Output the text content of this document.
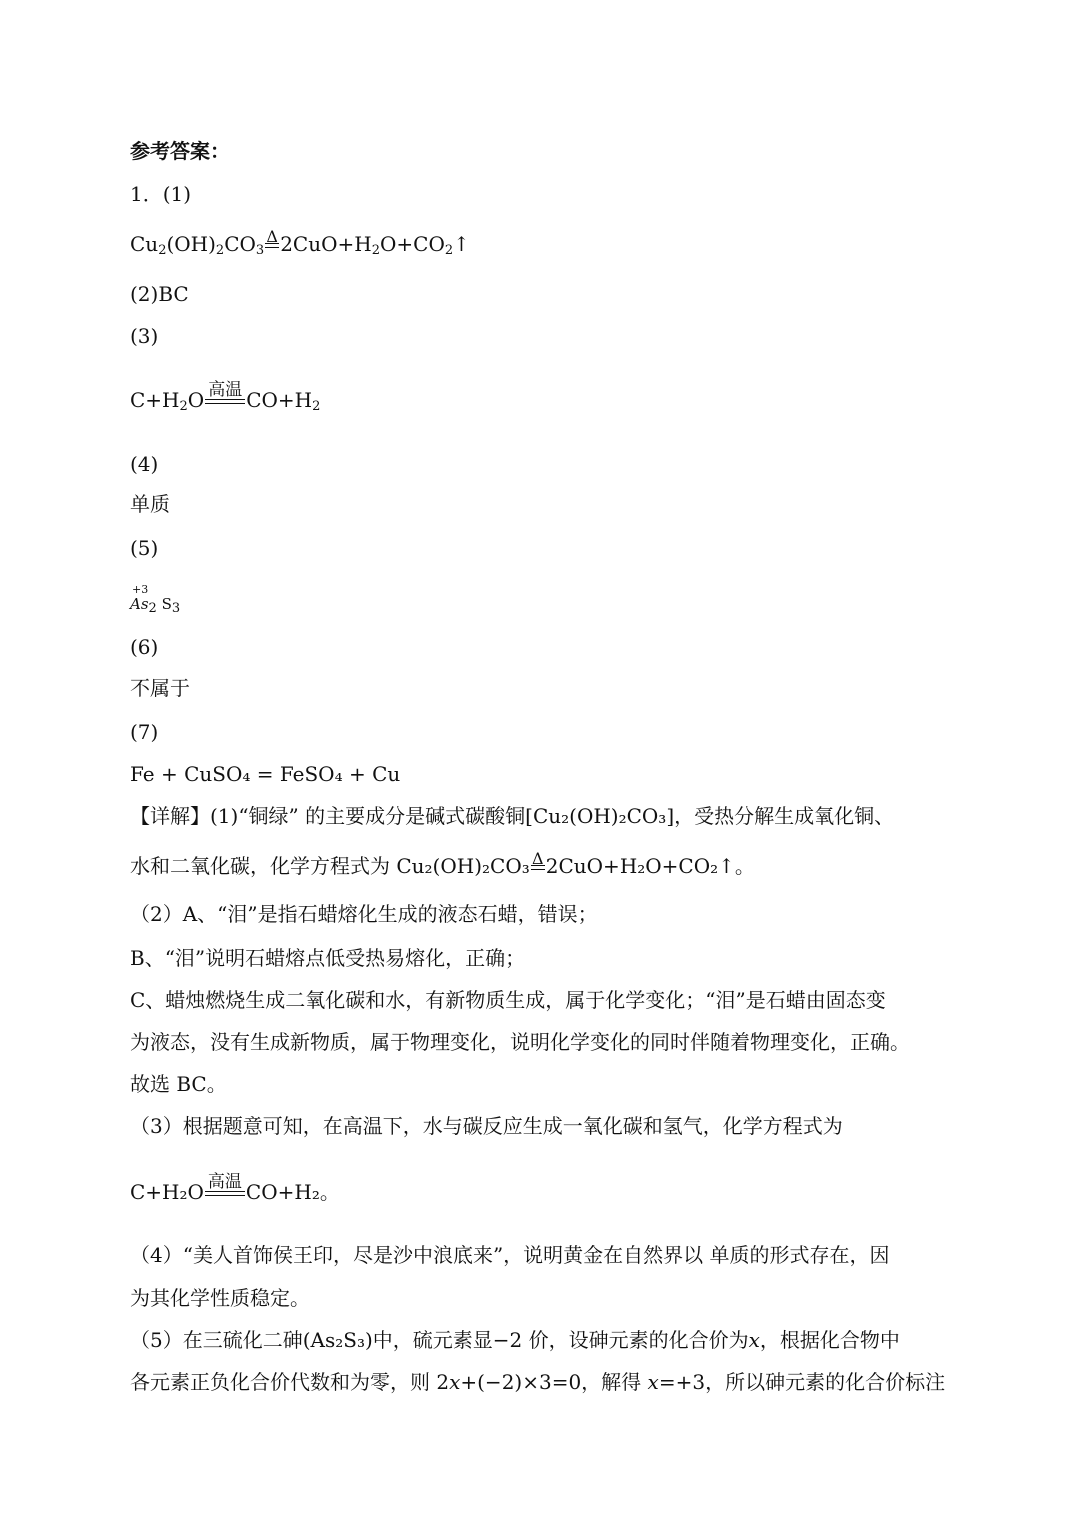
参考答案：
1．(1)
$Cu_2(OH)_2CO_3$
Δ $2CuO+H_2O+CO_2↑$
(2)BC
(3)
$C+H_2O$ 高温 $CO+H_2$
(4)
单质
(5)
+3
$As_2$ $S_3$
(6)
不属于
(7)
Fe + CuSO₄ = FeSO₄ + Cu
【详解】(1)“铜绿” 的主要成分是碱式碳酸铜[Cu₂(OH)₂CO₃]，受热分解生成氧化铜、
水和二氧化碳，化学方程式为 Cu₂(OH)₂CO₃ Δ 2CuO+H₂O+CO₂↑。
（2）A、“泪”是指石蜡熔化生成的液态石蜡，错误；
B、“泪”说明石蜡熔点低受热易熔化，正确；
C、蜡烛燃烧生成二氧化碳和水，有新物质生成，属于化学变化；“泪”是石蜡由固态变
为液态，没有生成新物质，属于物理变化，说明化学变化的同时伴随着物理变化，正确。
故选 BC。
（3）根据题意可知，在高温下，水与碳反应生成一氧化碳和氢气，化学方程式为
C+H₂O 高温 CO+H₂。
（4）“美人首饰侯王印，尽是沙中浪底来”，说明黄金在自然界以 单质的形式存在，因
为其化学性质稳定。
（5）在三硫化二砷(As₂S₃)中，硫元素显−2 价，设砷元素的化合价为x，根据化合物中
各元素正负化合价代数和为零，则 2x+(−2)×3=0，解得 x=+3，所以砷元素的化合价标注
